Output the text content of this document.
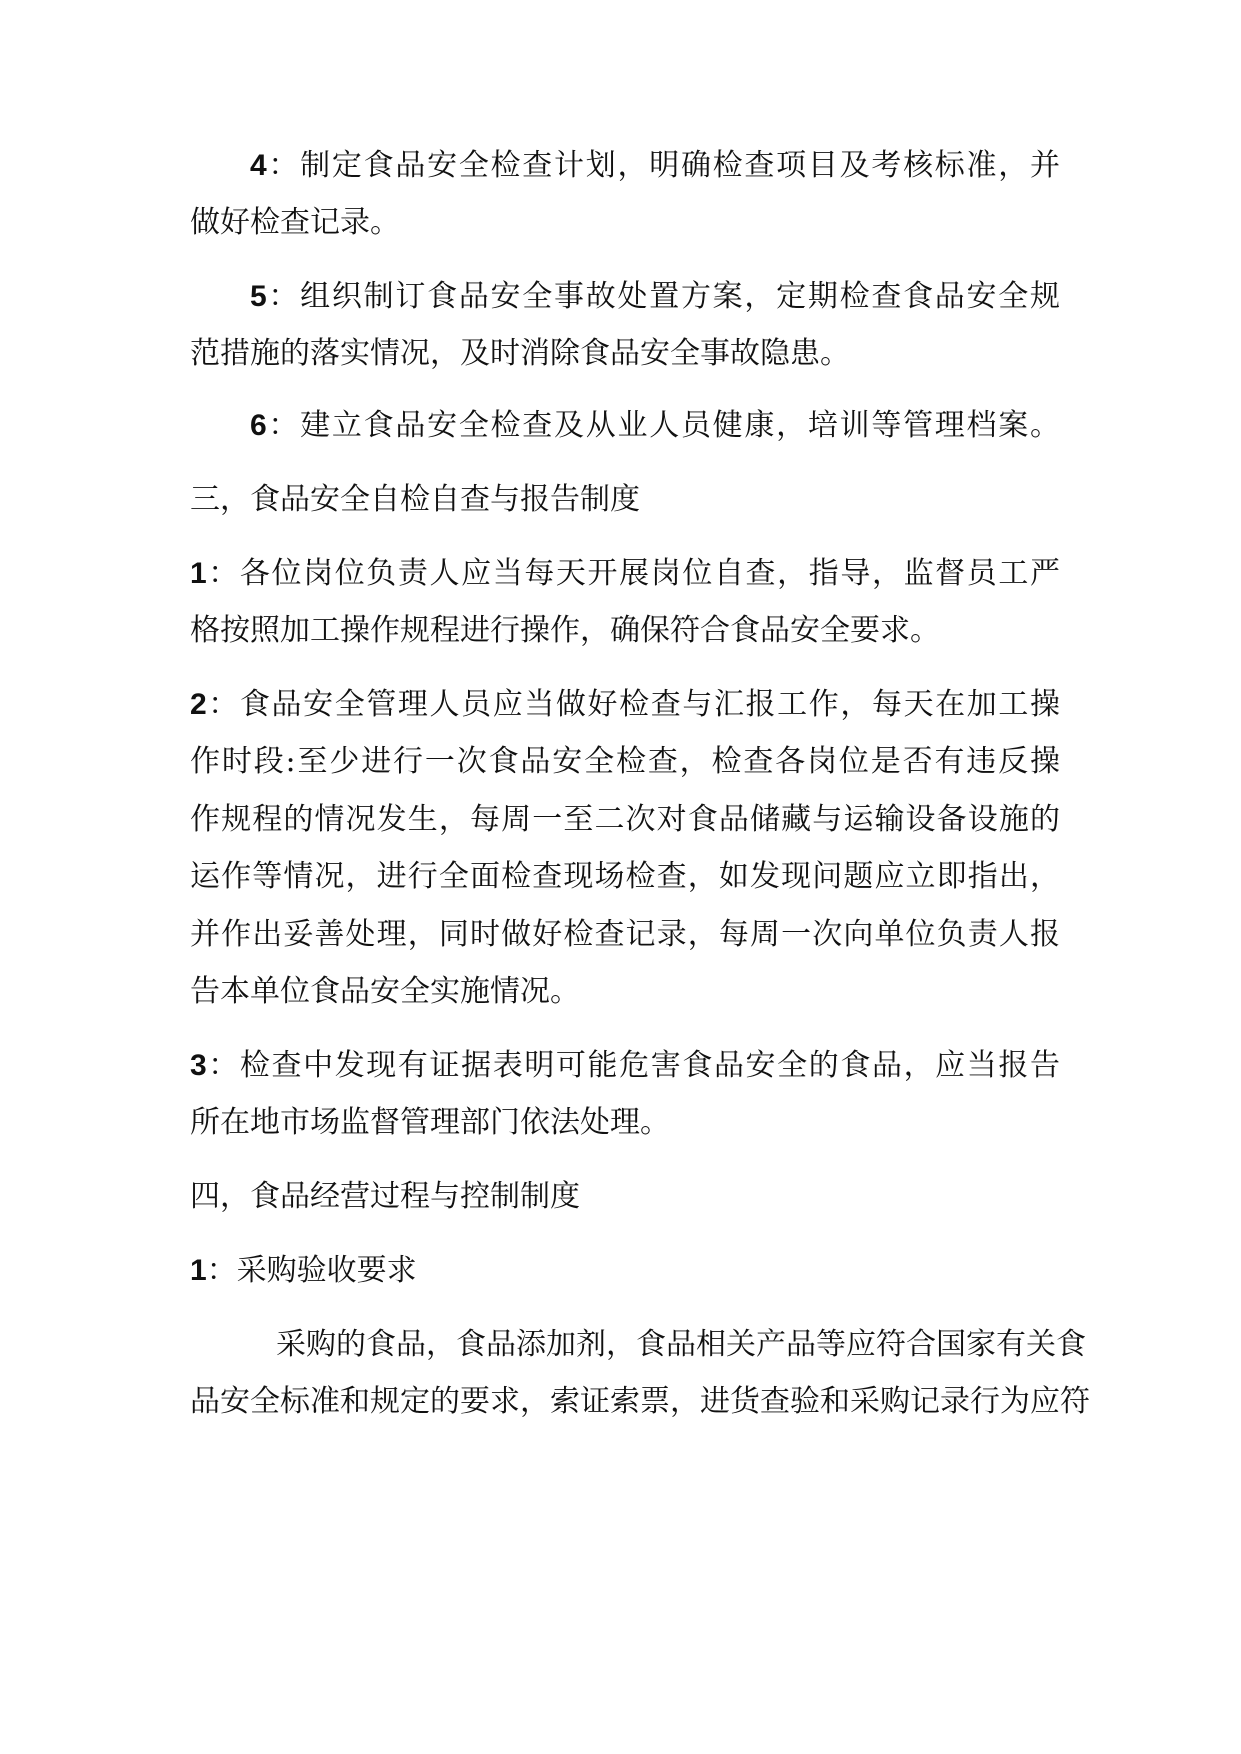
4：制定食品安全检查计划，明确检查项目及考核标准，并
做好检查记录。
5：组织制订食品安全事故处置方案，定期检查食品安全规
范措施的落实情况，及时消除食品安全事故隐患。
6：建立食品安全检查及从业人员健康，培训等管理档案。
三，食品安全自检自查与报告制度
1：各位岗位负责人应当每天开展岗位自查，指导，监督员工严
格按照加工操作规程进行操作，确保符合食品安全要求。
2：食品安全管理人员应当做好检查与汇报工作，每天在加工操
作时段:至少进行一次食品安全检查，检查各岗位是否有违反操
作规程的情况发生，每周一至二次对食品储藏与运输设备设施的
运作等情况，进行全面检查现场检查，如发现问题应立即指出，
并作出妥善处理，同时做好检查记录，每周一次向单位负责人报
告本单位食品安全实施情况。
3：检查中发现有证据表明可能危害食品安全的食品，应当报告
所在地市场监督管理部门依法处理。
四，食品经营过程与控制制度
1：采购验收要求
采购的食品，食品添加剂，食品相关产品等应符合国家有关食
品安全标准和规定的要求，索证索票，进货查验和采购记录行为应符
